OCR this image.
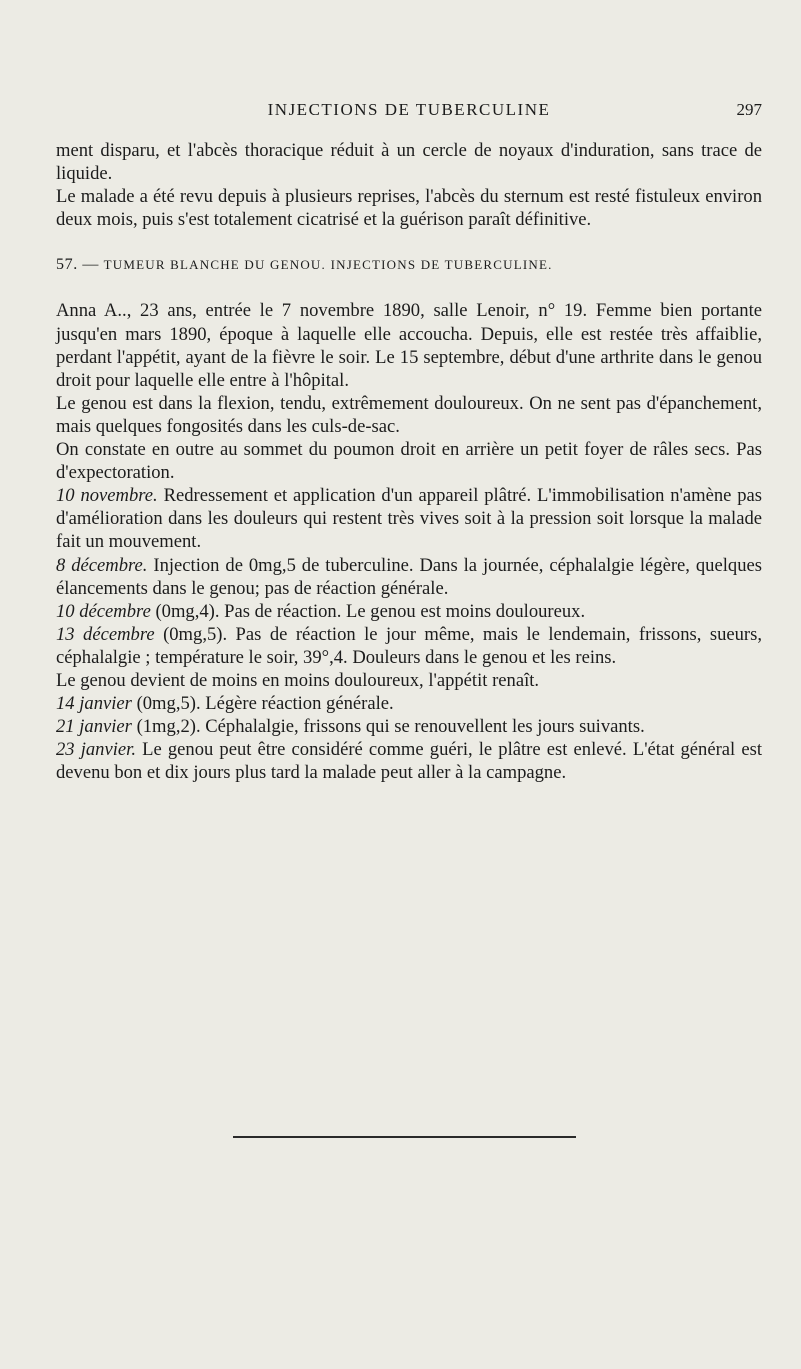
INJECTIONS DE TUBERCULINE	297

ment disparu, et l'abcès thoracique réduit à un cercle de noyaux d'induration, sans trace de liquide.

Le malade a été revu depuis à plusieurs reprises, l'abcès du sternum est resté fistuleux environ deux mois, puis s'est totalement cicatrisé et la guérison paraît définitive.

57. — TUMEUR BLANCHE DU GENOU. INJECTIONS DE TUBERCULINE.

Anna A.., 23 ans, entrée le 7 novembre 1890, salle Lenoir, n° 19. Femme bien portante jusqu'en mars 1890, époque à laquelle elle accoucha. Depuis, elle est restée très affaiblie, perdant l'appétit, ayant de la fièvre le soir. Le 15 septembre, début d'une arthrite dans le genou droit pour laquelle elle entre à l'hôpital.

Le genou est dans la flexion, tendu, extrêmement douloureux. On ne sent pas d'épanchement, mais quelques fongosités dans les culs-de-sac.

On constate en outre au sommet du poumon droit en arrière un petit foyer de râles secs. Pas d'expectoration.

10 novembre. Redressement et application d'un appareil plâtré. L'immobilisation n'amène pas d'amélioration dans les douleurs qui restent très vives soit à la pression soit lorsque la malade fait un mouvement.

8 décembre. Injection de 0mg,5 de tuberculine. Dans la journée, céphalalgie légère, quelques élancements dans le genou; pas de réaction générale.

10 décembre (0mg,4). Pas de réaction. Le genou est moins douloureux.

13 décembre (0mg,5). Pas de réaction le jour même, mais le lendemain, frissons, sueurs, céphalalgie ; température le soir, 39°,4. Douleurs dans le genou et les reins.

Le genou devient de moins en moins douloureux, l'appétit renaît.

14 janvier (0mg,5). Légère réaction générale.

21 janvier (1mg,2). Céphalalgie, frissons qui se renouvellent les jours suivants.

23 janvier. Le genou peut être considéré comme guéri, le plâtre est enlevé. L'état général est devenu bon et dix jours plus tard la malade peut aller à la campagne.
